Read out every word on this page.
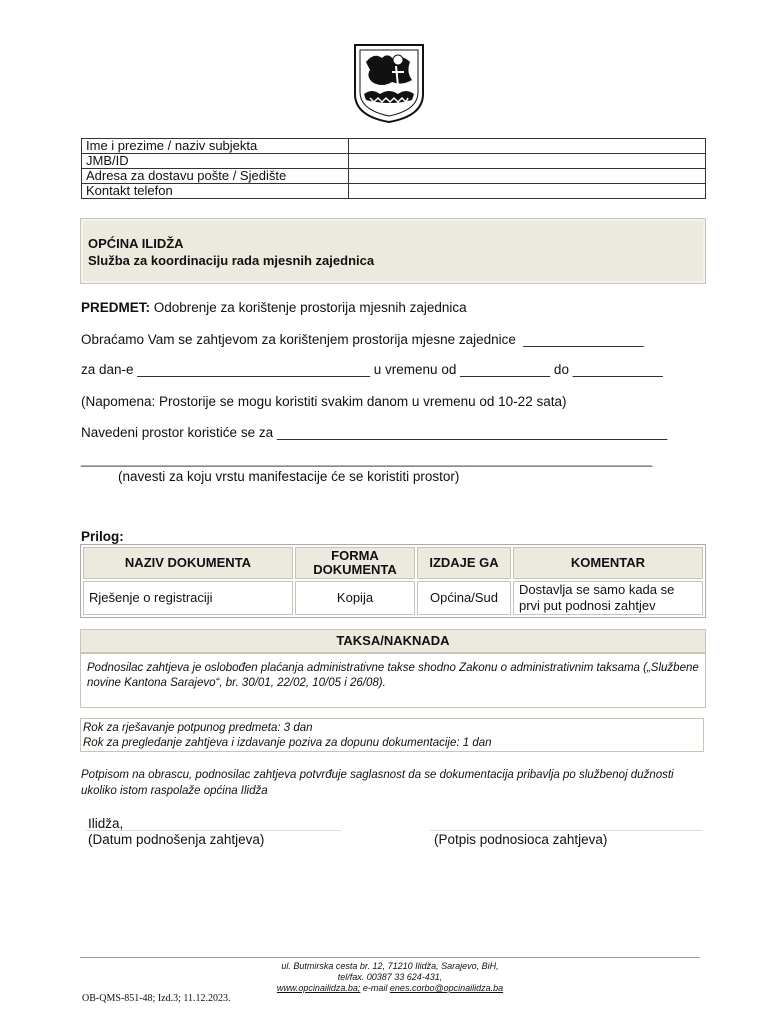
Ime i prezime / naziv subjekta	
JMB/ID	
Adresa za dostavu pošte / Sjedište	
Kontakt telefon	
OPĆINA ILIDŽA
Služba za koordinaciju rada mjesnih zajednica
PREDMET: Odobrenje za korištenje prostorija mjesnih zajednica
Obraćamo Vam se zahtjevom za korištenjem prostorija mjesne zajednice  ________________
za dan-e _______________________________ u vremenu od ____________ do ____________
(Napomena: Prostorije se mogu koristiti svakim danom u vremenu od 10-22 sata)
Navedeni prostor koristiće se za ____________________________________________________
_______________________________________________________________________________
(navesti za koju vrstu manifestacije će se koristiti prostor)
Prilog:
NAZIV DOKUMENTA	FORMA DOKUMENTA	IZDAJE GA	KOMENTAR
Rješenje o registraciji	Kopija	Općina/Sud	Dostavlja se samo kada se prvi put podnosi zahtjev
TAKSA/NAKNADA
Podnosilac zahtjeva je oslobođen plaćanja administrativne takse shodno Zakonu o administrativnim taksama („Službene novine Kantona Sarajevo“, br. 30/01, 22/02, 10/05 i 26/08).
Rok za rješavanje potpunog predmeta: 3 dan
Rok za pregledanje zahtjeva i izdavanje poziva za dopunu dokumentacije: 1 dan
Potpisom na obrascu, podnosilac zahtjeva potvrđuje saglasnost da se dokumentacija pribavlja po službenoj dužnosti ukoliko istom raspolaže općina Ilidža
Ilidža,
(Datum podnošenja zahtjeva)	(Potpis podnosioca zahtjeva)
ul. Butmirska cesta br. 12, 71210 Ilidža, Sarajevo, BiH,
tel/fax. 00387 33 624-431,
www.opcinailidza.ba; e-mail enes.corbo@opcinailidza.ba
OB-QMS-851-48; Izd.3; 11.12.2023.
